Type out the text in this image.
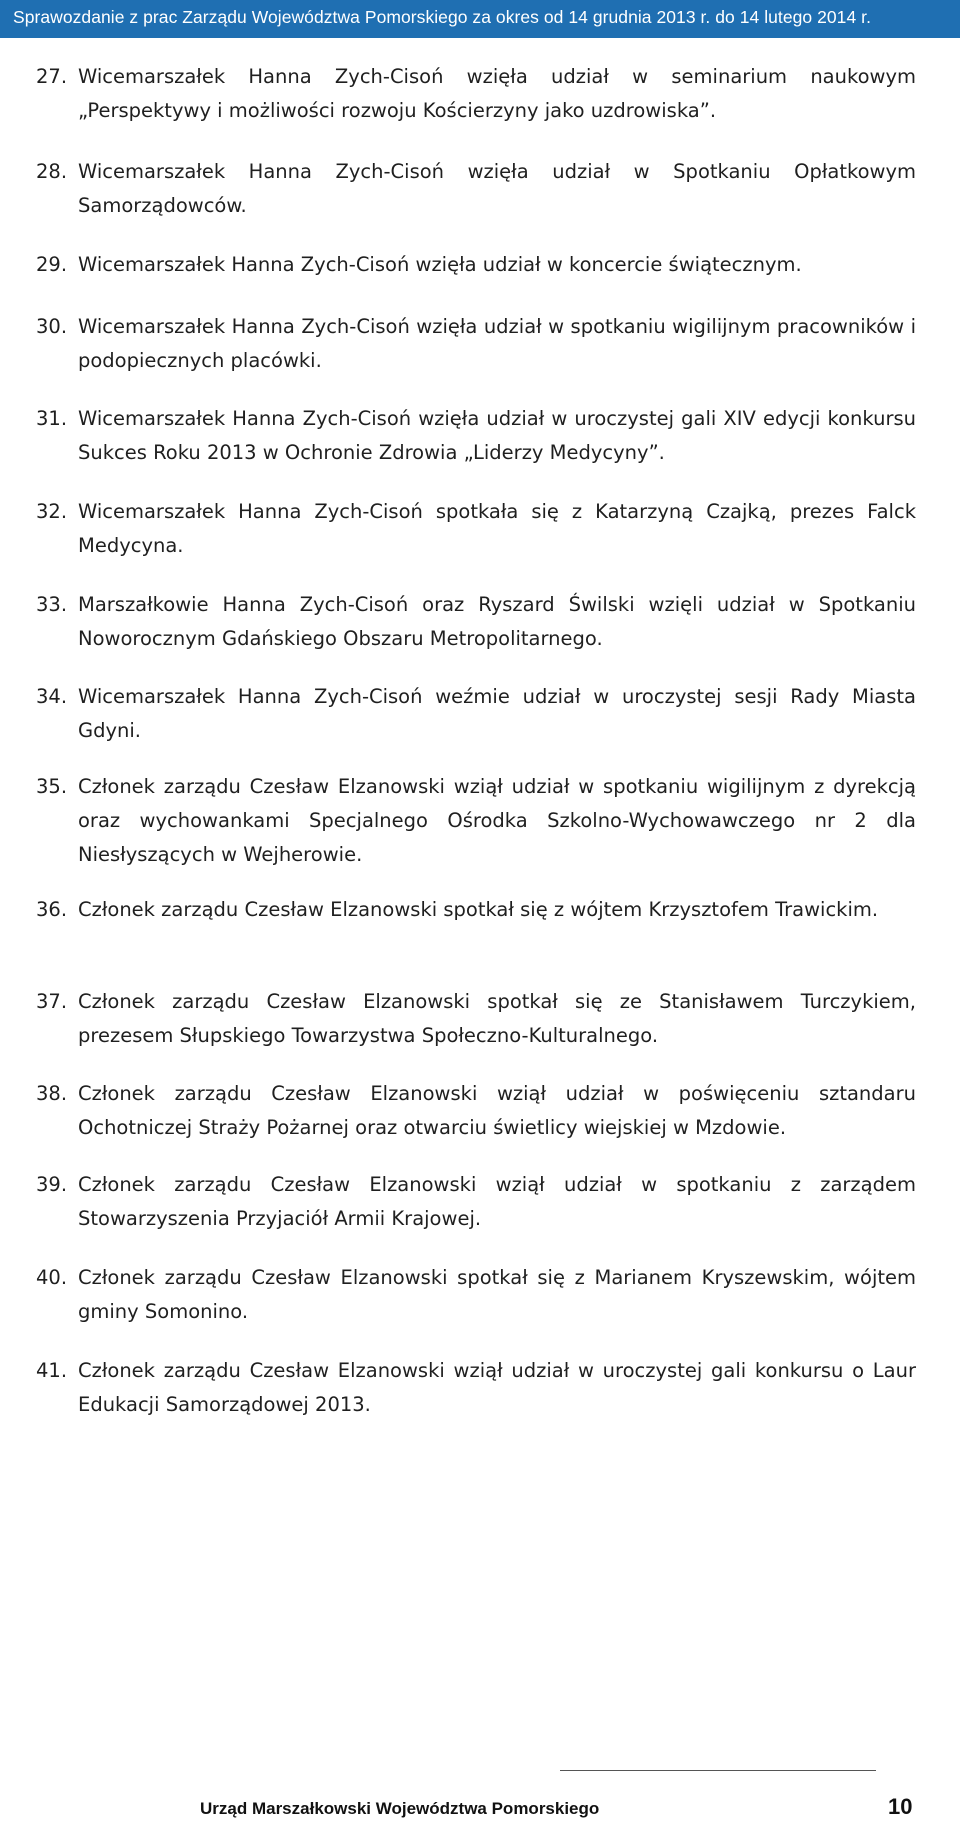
Sprawozdanie z prac Zarządu Województwa Pomorskiego za okres od 14 grudnia 2013 r. do 14 lutego 2014 r.
27. Wicemarszałek Hanna Zych-Cisoń wzięła udział w seminarium naukowym „Perspektywy i możliwości rozwoju Kościerzyny jako uzdrowiska”.
28. Wicemarszałek Hanna Zych-Cisoń wzięła udział w Spotkaniu Opłatkowym Samorządowców.
29. Wicemarszałek Hanna Zych-Cisoń wzięła udział w koncercie świątecznym.
30. Wicemarszałek Hanna Zych-Cisoń wzięła udział w spotkaniu wigilijnym pracowników i podopiecznych placówki.
31. Wicemarszałek Hanna Zych-Cisoń wzięła udział w uroczystej gali XIV edycji konkursu Sukces Roku 2013 w Ochronie Zdrowia „Liderzy Medycyny”.
32. Wicemarszałek Hanna Zych-Cisoń spotkała się z Katarzyną Czajką, prezes Falck Medycyna.
33. Marszałkowie Hanna Zych-Cisoń oraz Ryszard Świlski wzięli udział w Spotkaniu Noworocznym Gdańskiego Obszaru Metropolitarnego.
34. Wicemarszałek Hanna Zych-Cisoń weźmie udział w uroczystej sesji Rady Miasta Gdyni.
35. Członek zarządu Czesław Elzanowski wziął udział w spotkaniu wigilijnym z dyrekcją oraz wychowankami Specjalnego Ośrodka Szkolno-Wychowawczego nr 2 dla Niesłyszących w Wejherowie.
36. Członek zarządu Czesław Elzanowski spotkał się z wójtem Krzysztofem Trawickim.
37. Członek zarządu Czesław Elzanowski spotkał się ze Stanisławem Turczykiem, prezesem Słupskiego Towarzystwa Społeczno-Kulturalnego.
38. Członek zarządu Czesław Elzanowski wziął udział w poświęceniu sztandaru Ochotniczej Straży Pożarnej oraz otwarciu świetlicy wiejskiej w Mzdowie.
39. Członek zarządu Czesław Elzanowski wziął udział w spotkaniu z zarządem Stowarzyszenia Przyjaciół Armii Krajowej.
40. Członek zarządu Czesław Elzanowski spotkał się z Marianem Kryszewskim, wójtem gminy Somonino.
41. Członek zarządu Czesław Elzanowski wziął udział w uroczystej gali konkursu o Laur Edukacji Samorządowej 2013.
Urząd Marszałkowski Województwa Pomorskiego	10
